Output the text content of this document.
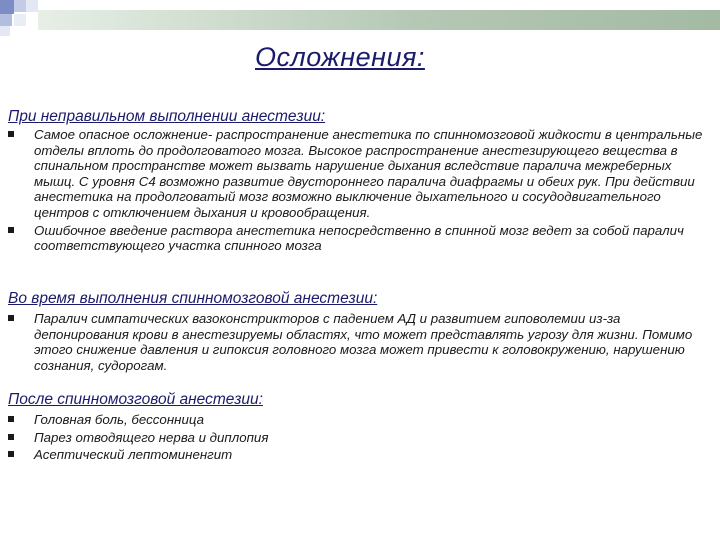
Осложнения:
При неправильном выполнении анестезии:
Самое опасное осложнение- распространение анестетика по спинномозговой жидкости в центральные отделы вплоть до продолговатого мозга. Высокое распространение анестезирующего вещества в спинальном пространстве может вызвать нарушение дыхания вследствие паралича межреберных мышц. С уровня С4 возможно развитие двустороннего паралича диафрагмы и обеих рук. При действии анестетика на продолговатый мозг возможно выключение дыхательного и сосудодвигательного центров с отключением дыхания и кровообращения.
Ошибочное введение раствора анестетика непосредственно в спинной мозг ведет за собой паралич соответствующего участка спинного мозга
Во время выполнения спинномозговой анестезии:
Паралич симпатических вазоконстрикторов с падением АД и развитием гиповолемии из-за депонирования крови в анестезируемы областях, что может представлять угрозу для жизни. Помимо этого снижение давления и гипоксия головного мозга может привести к головокружению, нарушению сознания, судорогам.
После спинномозговой анестезии:
Головная боль, бессонница
Парез отводящего нерва и диплопия
Асептический лептоминенгит
